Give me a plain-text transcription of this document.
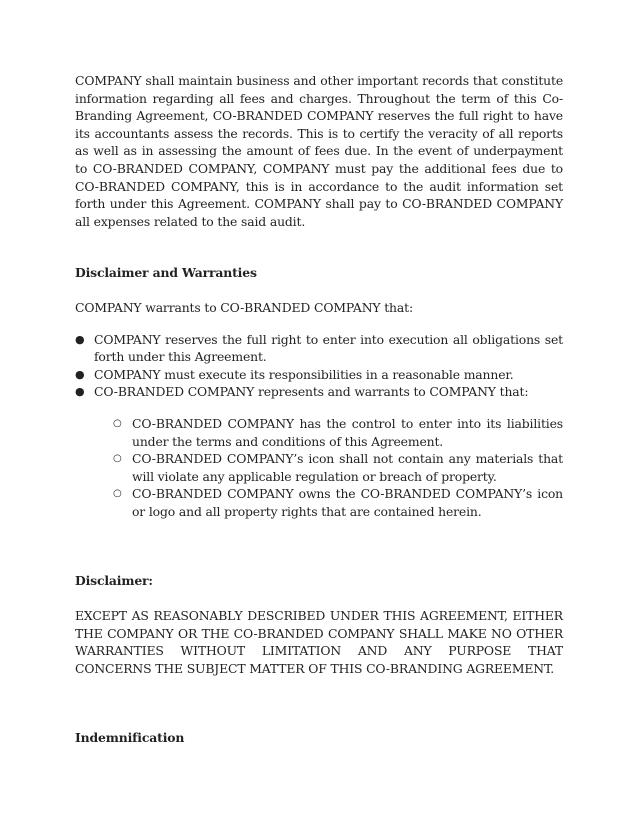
COMPANY shall maintain business and other important records that constitute information regarding all fees and charges. Throughout the term of this Co-Branding Agreement, CO-BRANDED COMPANY reserves the full right to have its accountants assess the records. This is to certify the veracity of all reports as well as in assessing the amount of fees due. In the event of underpayment to CO-BRANDED COMPANY, COMPANY must pay the additional fees due to CO-BRANDED COMPANY, this is in accordance to the audit information set forth under this Agreement. COMPANY shall pay to CO-BRANDED COMPANY all expenses related to the said audit.

Disclaimer and Warranties

COMPANY warrants to CO-BRANDED COMPANY that:

● COMPANY reserves the full right to enter into execution all obligations set forth under this Agreement.
● COMPANY must execute its responsibilities in a reasonable manner.
● CO-BRANDED COMPANY represents and warrants to COMPANY that:
○ CO-BRANDED COMPANY has the control to enter into its liabilities under the terms and conditions of this Agreement.
○ CO-BRANDED COMPANY’s icon shall not contain any materials that will violate any applicable regulation or breach of property.
○ CO-BRANDED COMPANY owns the CO-BRANDED COMPANY’s icon or logo and all property rights that are contained herein.

Disclaimer:

EXCEPT AS REASONABLY DESCRIBED UNDER THIS AGREEMENT, EITHER THE COMPANY OR THE CO-BRANDED COMPANY SHALL MAKE NO OTHER WARRANTIES WITHOUT LIMITATION AND ANY PURPOSE THAT CONCERNS THE SUBJECT MATTER OF THIS CO-BRANDING AGREEMENT.

Indemnification
